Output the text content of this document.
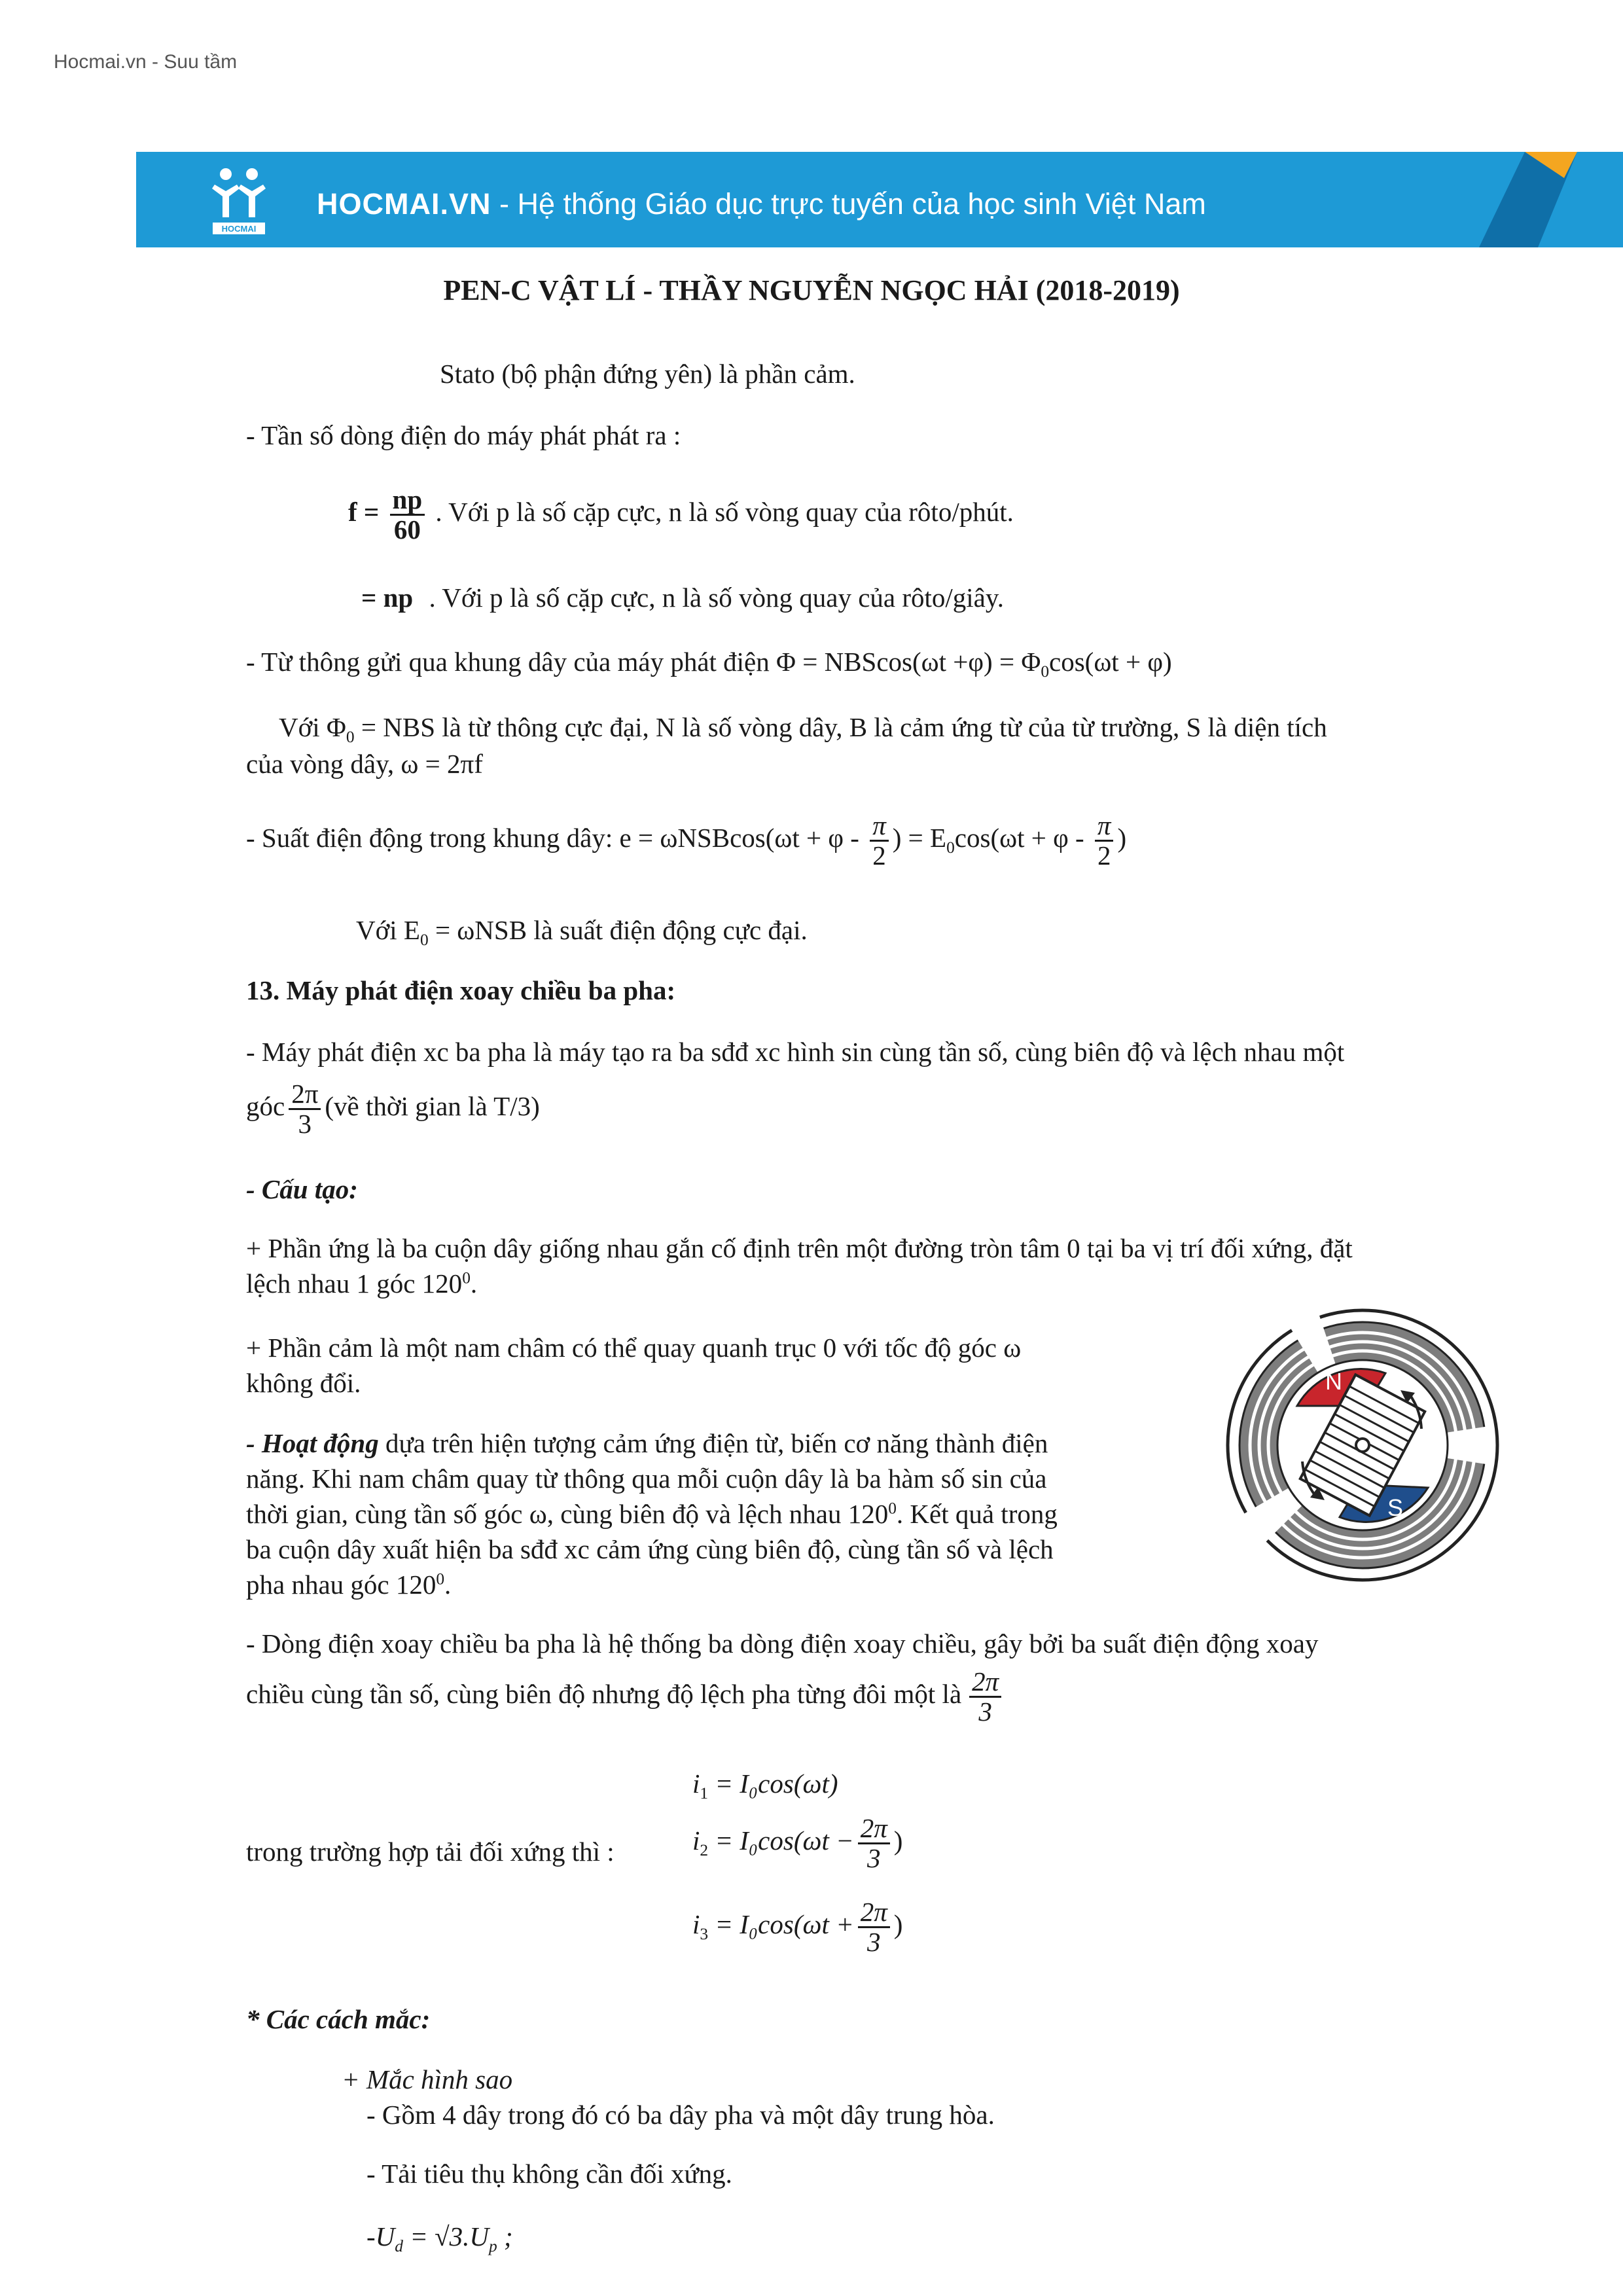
Hocmai.vn - Suu tầm
HOCMAI
HOCMAI.VN - Hệ thống Giáo dục trực tuyến của học sinh Việt Nam
PEN-C VẬT LÍ - THẦY NGUYỄN NGỌC HẢI (2018-2019)
Stato (bộ phận đứng yên) là phần cảm.
- Tần số dòng điện do máy phát phát ra :
$f = \frac{np}{60}$ . Với p là số cặp cực, n là số vòng quay của rôto/phút.
= np . Với p là số cặp cực, n là số vòng quay của rôto/giây.
- Từ thông gửi qua khung dây của máy phát điện $\Phi = NBScos(\omega t +\varphi) = \Phi_0\cos(\omega t + \varphi)$
Với $\Phi_0$ = NBS là từ thông cực đại, N là số vòng dây, B là cảm ứng từ của từ trường, S là diện tích
của vòng dây, ω = 2πf
- Suất điện động trong khung dây: $e = \omega NSBcos(\omega t + \varphi - \frac{\pi}{2}$ ) = $E_0\cos(\omega t + \varphi - \frac{\pi}{2}$ )
Với $E_0 = \omega NSB$ là suất điện động cực đại.
13. Máy phát điện xoay chiều ba pha:
- Máy phát điện xc ba pha là máy tạo ra ba sđđ xc hình sin cùng tần số, cùng biên độ và lệch nhau một
góc $\frac{2\pi}{3}$ (về thời gian là T/3)
- Cấu tạo:
+ Phần ứng là ba cuộn dây giống nhau gắn cố định trên một đường tròn tâm 0 tại ba vị trí đối xứng, đặt
lệch nhau 1 góc $120^0$.
+ Phần cảm là một nam châm có thể quay quanh trục 0 với tốc độ góc ω
không đổi.
- Hoạt động dựa trên hiện tượng cảm ứng điện từ, biến cơ năng thành điện
năng. Khi nam châm quay từ thông qua mỗi cuộn dây là ba hàm số sin của
thời gian, cùng tần số góc ω, cùng biên độ và lệch nhau $120^0$. Kết quả trong
ba cuộn dây xuất hiện ba sđđ xc cảm ứng cùng biên độ, cùng tần số và lệch
pha nhau góc $120^0$.
N
S
- Dòng điện xoay chiều ba pha là hệ thống ba dòng điện xoay chiều, gây bởi ba suất điện động xoay
chiều cùng tần số, cùng biên độ nhưng độ lệch pha từng đôi một là $\frac{2\pi}{3}$
$i_1 = I_0\cos(\omega t)$
trong trường hợp tải đối xứng thì :	$i_2 = I_0\cos(\omega t - \frac{2\pi}{3}$ )
$i_3 = I_0\cos(\omega t + \frac{2\pi}{3}$ )
* Các cách mắc:
+ Mắc hình sao
- Gồm 4 dây trong đó có ba dây pha và một dây trung hòa.
- Tải tiêu thụ không cần đối xứng.
$-U_d = √3.U_p$ ;
